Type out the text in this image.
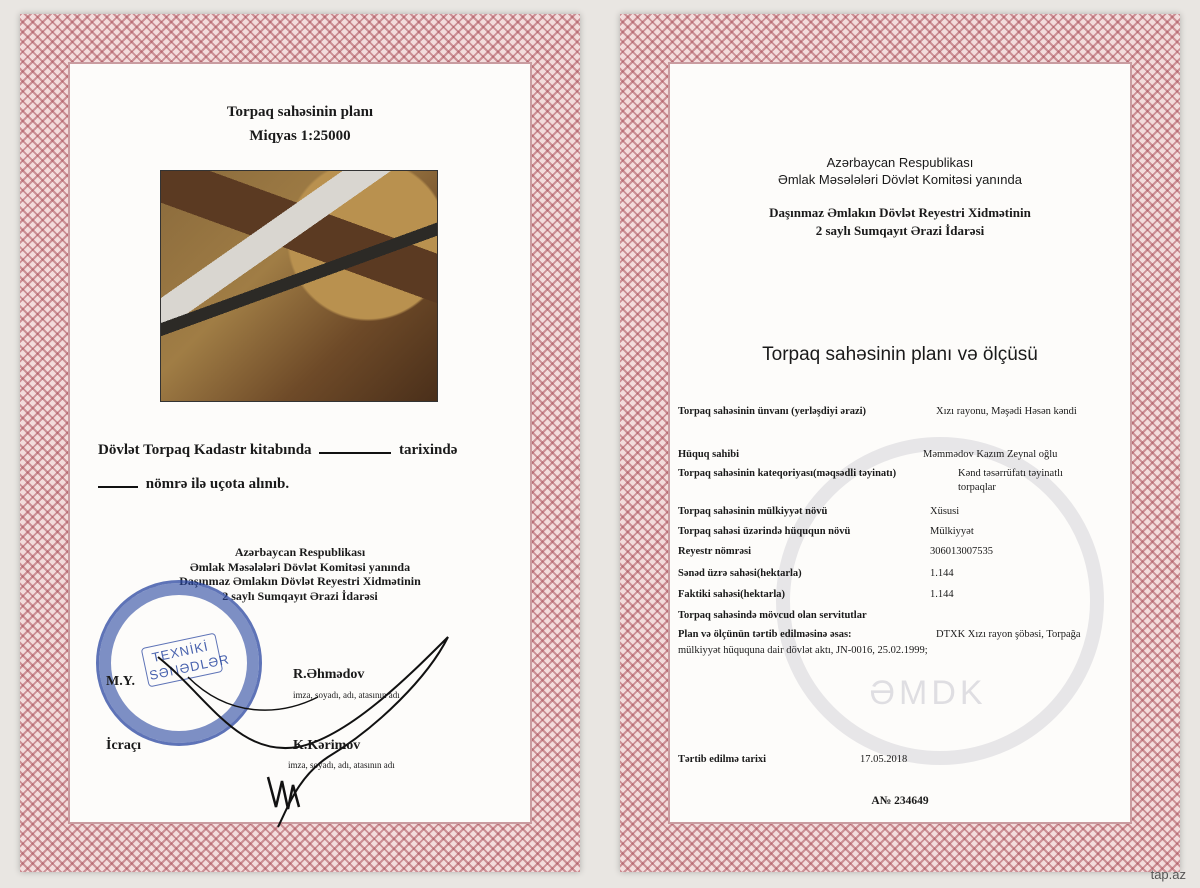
Torpaq sahəsinin planı
Miqyas 1:25000
Dövlət Torpaq Kadastr kitabında	tarixində
nömrə ilə uçota alınıb.
Azərbaycan Respublikası
Əmlak Məsələləri Dövlət Komitəsi yanında
Daşınmaz Əmlakın Dövlət Reyestri Xidmətinin
2 saylı Sumqayıt Ərazi İdarəsi
TEXNİKİ SƏNƏDLƏR
M.Y.	R.Əhmədov
imza, soyadı, adı, atasının adı
İcraçı	K.Kərimov
imza, soyadı, adı, atasının adı
ƏMDK
Azərbaycan Respublikası
Əmlak Məsələləri Dövlət Komitəsi yanında
Daşınmaz Əmlakın Dövlət Reyestri Xidmətinin
2 saylı Sumqayıt Ərazi İdarəsi
Torpaq sahəsinin planı və ölçüsü
Torpaq sahəsinin ünvanı (yerləşdiyi ərazi)	Xızı rayonu, Məşədi Həsən kəndi
Hüquq sahibi	Məmmədov Kazım Zeynal oğlu
Torpaq sahəsinin kateqoriyası(məqsədli təyinatı)	Kənd təsərrüfatı təyinatlı
torpaqlar
Torpaq sahəsinin mülkiyyət növü	Xüsusi
Torpaq sahəsi üzərində hüququn növü	Mülkiyyət
Reyestr nömrəsi	306013007535
Sənəd üzrə sahəsi(hektarla)	1.144
Faktiki sahəsi(hektarla)	1.144
Torpaq sahəsində mövcud olan servitutlar
Plan və ölçünün tərtib edilməsinə əsas:	DTXK Xızı rayon şöbəsi, Torpağa
mülkiyyət hüququna dair dövlət aktı, JN-0016, 25.02.1999;
Tərtib edilmə tarixi	17.05.2018
A№ 234649
tap.az
